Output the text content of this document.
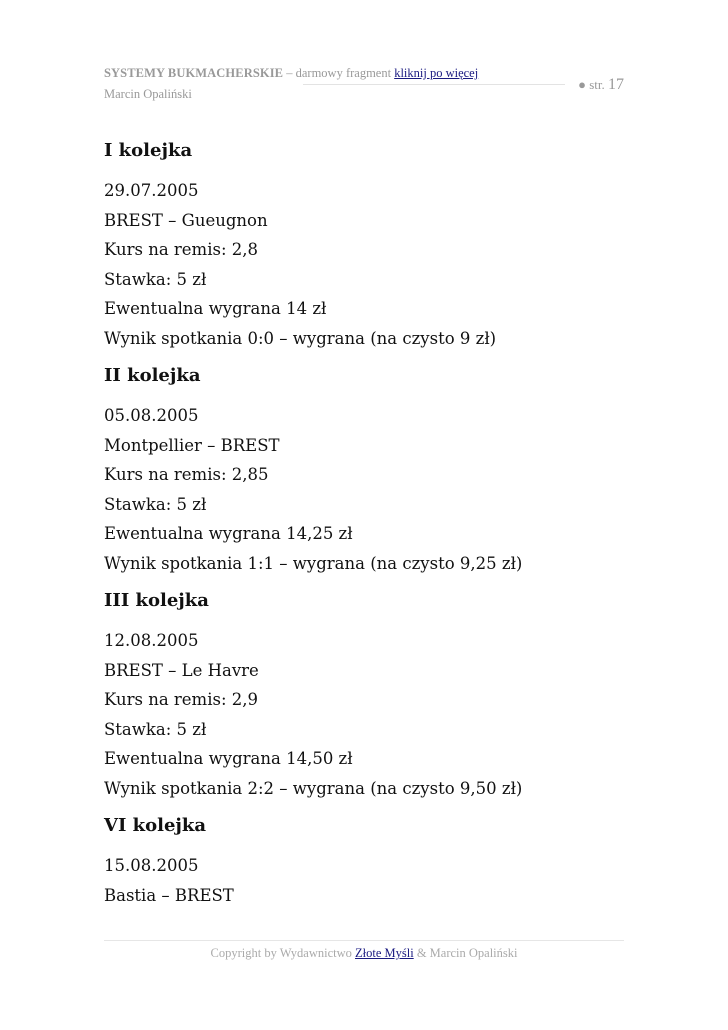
SYSTEMY BUKMACHERSKIE – darmowy fragment kliknij po więcej
Marcin Opaliński
● str. 17
I kolejka
29.07.2005
BREST – Gueugnon
Kurs na remis: 2,8
Stawka: 5 zł
Ewentualna wygrana 14 zł
Wynik spotkania 0:0 – wygrana (na czysto 9 zł)
II kolejka
05.08.2005
Montpellier – BREST
Kurs na remis: 2,85
Stawka: 5 zł
Ewentualna wygrana 14,25 zł
Wynik spotkania 1:1 – wygrana (na czysto 9,25 zł)
III kolejka
12.08.2005
BREST – Le Havre
Kurs na remis: 2,9
Stawka: 5 zł
Ewentualna wygrana 14,50 zł
Wynik spotkania 2:2 – wygrana (na czysto 9,50 zł)
VI kolejka
15.08.2005
Bastia – BREST
Copyright by Wydawnictwo Złote Myśli & Marcin Opaliński
